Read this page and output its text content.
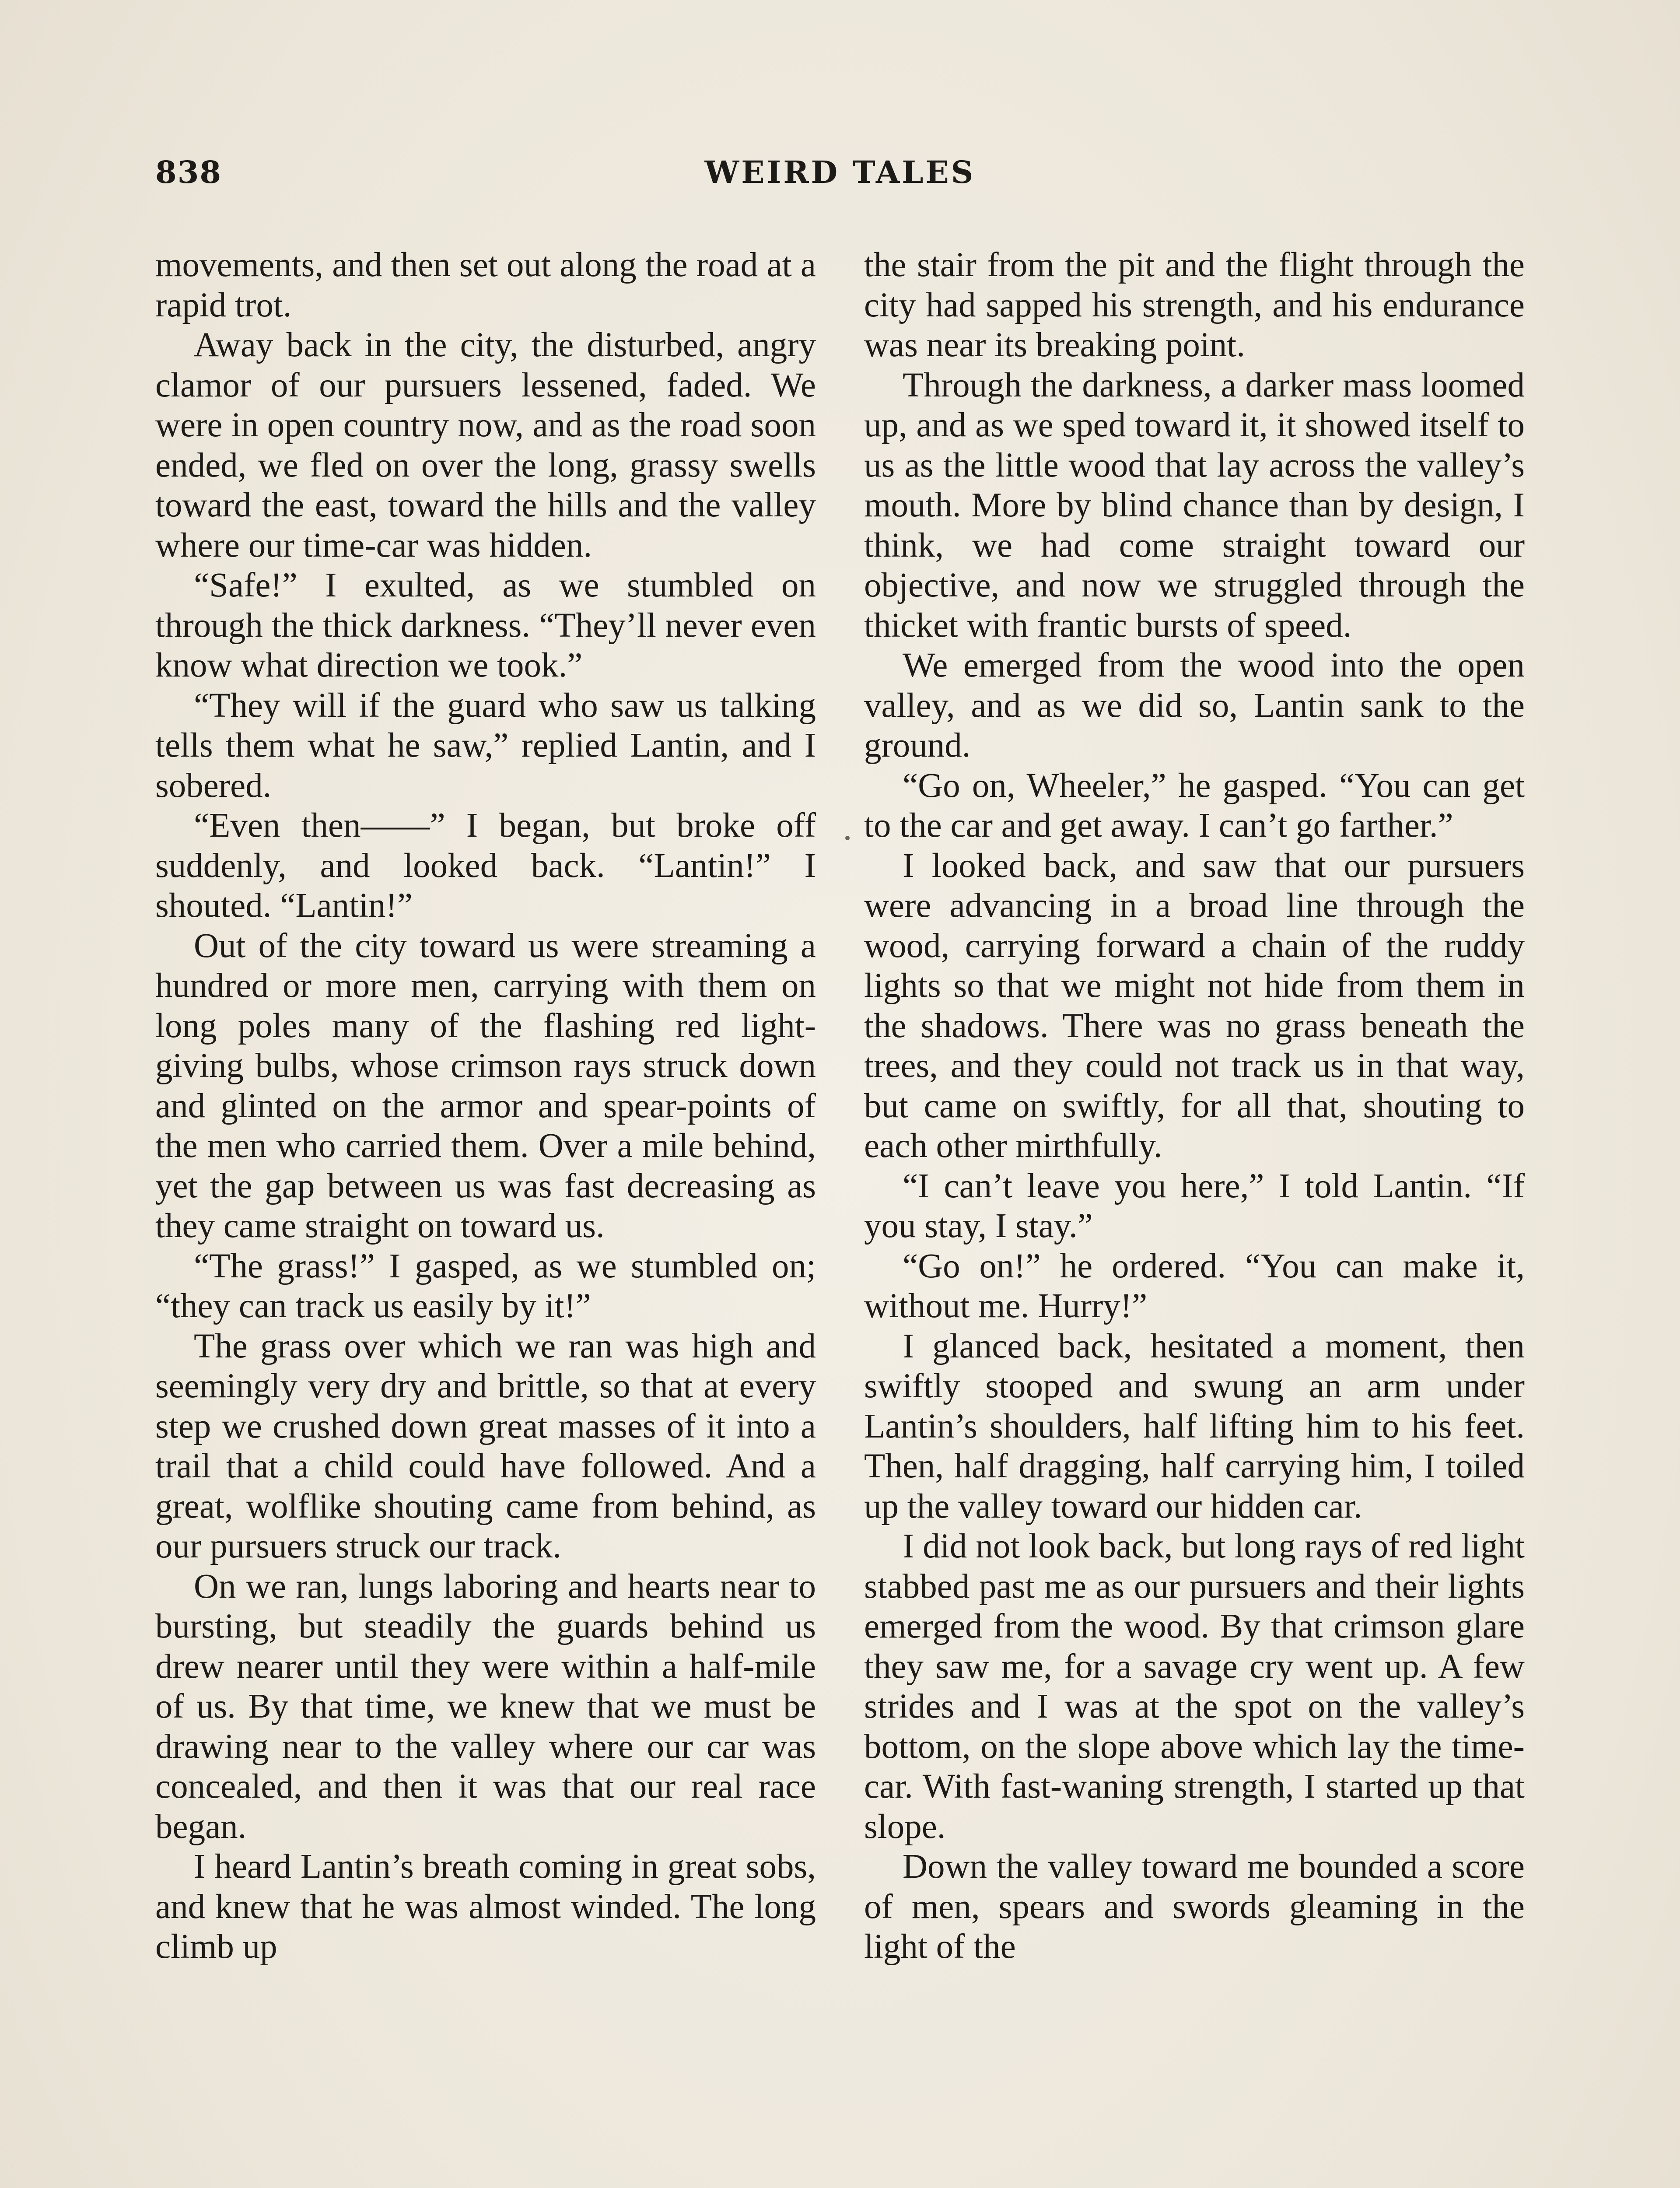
838	WEIRD TALES

movements, and then set out along the road at a rapid trot.

Away back in the city, the disturbed, angry clamor of our pursuers lessened, faded. We were in open country now, and as the road soon ended, we fled on over the long, grassy swells toward the east, toward the hills and the valley where our time-car was hidden.

“Safe!” I exulted, as we stumbled on through the thick darkness. “They’ll never even know what direction we took.”

“They will if the guard who saw us talking tells them what he saw,” replied Lantin, and I sobered.

“Even then——” I began, but broke off suddenly, and looked back. “Lantin!” I shouted. “Lantin!”

Out of the city toward us were streaming a hundred or more men, carrying with them on long poles many of the flashing red light-giving bulbs, whose crimson rays struck down and glinted on the armor and spear-points of the men who carried them. Over a mile behind, yet the gap between us was fast decreasing as they came straight on toward us.

“The grass!” I gasped, as we stumbled on; “they can track us easily by it!”

The grass over which we ran was high and seemingly very dry and brittle, so that at every step we crushed down great masses of it into a trail that a child could have followed. And a great, wolflike shouting came from behind, as our pursuers struck our track.

On we ran, lungs laboring and hearts near to bursting, but steadily the guards behind us drew nearer until they were within a half-mile of us. By that time, we knew that we must be drawing near to the valley where our car was concealed, and then it was that our real race began.

I heard Lantin’s breath coming in great sobs, and knew that he was almost winded. The long climb up

the stair from the pit and the flight through the city had sapped his strength, and his endurance was near its breaking point.

Through the darkness, a darker mass loomed up, and as we sped toward it, it showed itself to us as the little wood that lay across the valley’s mouth. More by blind chance than by design, I think, we had come straight toward our objective, and now we struggled through the thicket with frantic bursts of speed.

We emerged from the wood into the open valley, and as we did so, Lantin sank to the ground.

“Go on, Wheeler,” he gasped. “You can get to the car and get away. I can’t go farther.”

I looked back, and saw that our pursuers were advancing in a broad line through the wood, carrying forward a chain of the ruddy lights so that we might not hide from them in the shadows. There was no grass beneath the trees, and they could not track us in that way, but came on swiftly, for all that, shouting to each other mirthfully.

“I can’t leave you here,” I told Lantin. “If you stay, I stay.”

“Go on!” he ordered. “You can make it, without me. Hurry!”

I glanced back, hesitated a moment, then swiftly stooped and swung an arm under Lantin’s shoulders, half lifting him to his feet. Then, half dragging, half carrying him, I toiled up the valley toward our hidden car.

I did not look back, but long rays of red light stabbed past me as our pursuers and their lights emerged from the wood. By that crimson glare they saw me, for a savage cry went up. A few strides and I was at the spot on the valley’s bottom, on the slope above which lay the time-car. With fast-waning strength, I started up that slope.

Down the valley toward me bounded a score of men, spears and swords gleaming in the light of the
